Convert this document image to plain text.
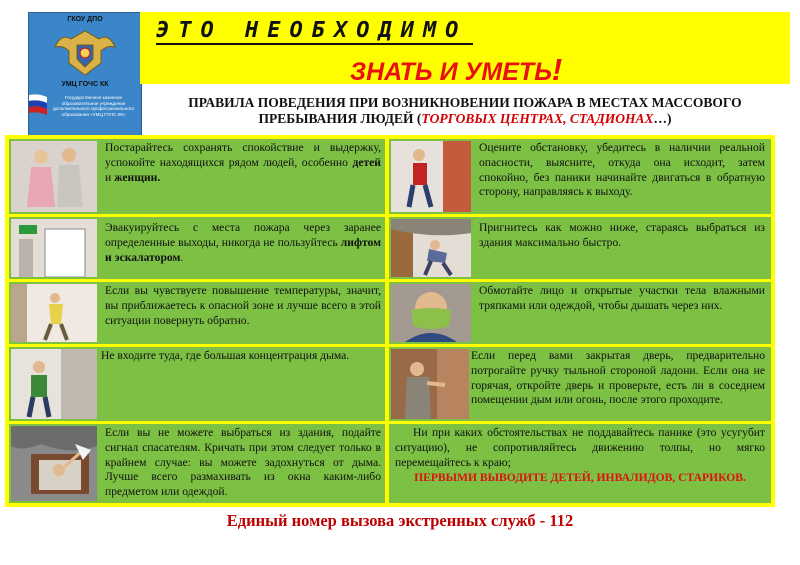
ГКОУ ДПО
УМЦ ГОЧС КК
Государственное казенное образовательное учреждение дополнительного профессионального образования «УМЦ ГОЧС КК»
ЭТО НЕОБХОДИМО
ЗНАТЬ И УМЕТЬ!
ПРАВИЛА ПОВЕДЕНИЯ ПРИ ВОЗНИКНОВЕНИИ ПОЖАРА В МЕСТАХ МАССОВОГО ПРЕБЫВАНИЯ ЛЮДЕЙ (ТОРГОВЫХ ЦЕНТРАХ, СТАДИОНАХ…)
Постарайтесь сохранять спокойствие и выдержку, успокойте находящихся рядом людей, особенно детей и женщин.
Оцените обстановку, убедитесь в наличии реальной опасности, выясните, откуда она исходит, затем спокойно, без паники начинайте двигаться в обратную сторону, направляясь к выходу.
Эвакуируйтесь с места пожара через заранее определенные выходы, никогда не пользуйтесь лифтом и эскалатором.
Пригнитесь как можно ниже, стараясь выбраться из здания максимально быстро.
Если вы чувствуете повышение температуры, значит, вы приближаетесь к опасной зоне и лучше всего в этой ситуации повернуть обратно.
Обмотайте лицо и открытые участки тела влажными тряпками или одеждой, чтобы дышать через них.
Не входите туда, где большая концентрация дыма.	Если перед вами закрытая дверь, предварительно потрогайте ручку тыльной стороной ладони. Если она не горячая, откройте дверь и проверьте, есть ли в соседнем помещении дым или огонь, после этого проходите.
Если вы не можете выбраться из здания, подайте сигнал спасателям. Кричать при этом следует только в крайнем случае: вы можете задохнуться от дыма. Лучше всего размахивать из окна каким-либо предметом или одеждой.
Ни при каких обстоятельствах не поддавайтесь панике (это усугубит ситуацию), не сопротивляйтесь движению толпы, но мягко перемещайтесь к краю;
ПЕРВЫМИ ВЫВОДИТЕ ДЕТЕЙ, ИНВАЛИДОВ, СТАРИКОВ.
Единый номер вызова экстренных служб - 112
